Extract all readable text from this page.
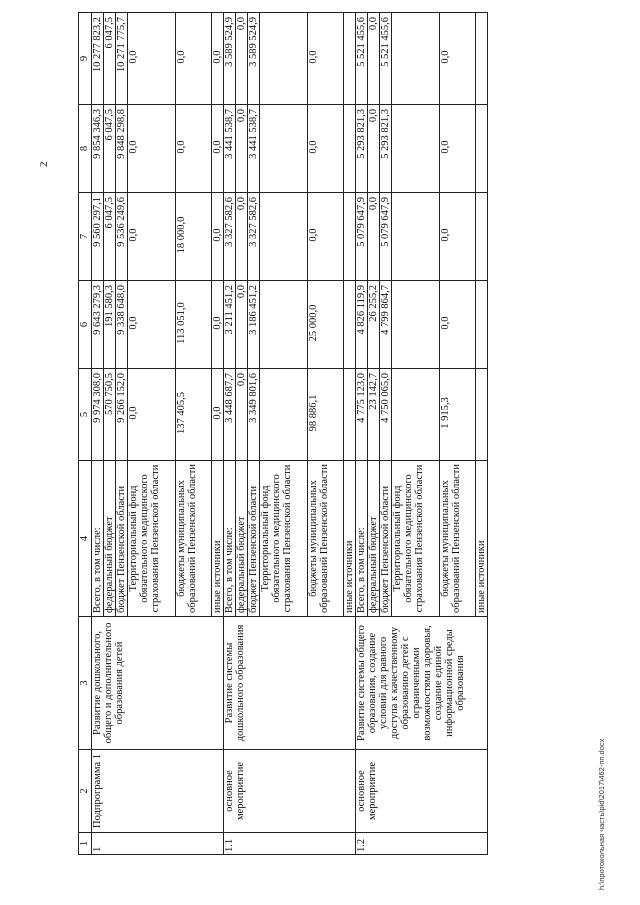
2
1	2	3	4	5	6	7	8	9
1	Подпрограмма 1	Развитие дошкольного, общего и дополнительного образования детей	Всего, в том числе:	9 974 308,0	9 643 279,3	9 560 297,1	9 854 346,3	10 277 823,2
			федеральный бюджет	570 750,5	191 580,3	6 047,5	6 047,5	6 047,5
			бюджет Пензенской области	9 266 152,0	9 338 648,0	9 536 249,6	9 848 298,8	10 271 775,7
			Территориальный фонд обязательного медицинского страхования Пензенской области	0,0	0,0	0,0	0,0	0,0
			бюджеты муниципальных образований Пензенской области	137 405,5	113 051,0	18 000,0	0,0	0,0
			иные источники	0,0	0,0	0,0	0,0	0,0
1.1	основное мероприятие	Развитие системы дошкольного образования	Всего, в том числе:	3 448 687,7	3 211 451,2	3 327 582,6	3 441 538,7	3 589 524,9
			федеральный бюджет	0,0	0,0	0,0	0,0	0,0
			бюджет Пензенской области	3 349 801,6	3 186 451,2	3 327 582,6	3 441 538,7	3 589 524,9
			Территориальный фонд обязательного медицинского страхования Пензенской области					
			бюджеты муниципальных образований Пензенской области	98 886,1	25 000,0	0,0	0,0	0,0
			иные источники					
1.2	основное мероприятие	Развитие системы общего образования, создание условий для равного доступа к качественному образованию детей с ограниченными возможностями здоровья, создание единой информационной среды образования	Всего, в том числе:	4 775 123,0	4 826 119,9	5 079 647,9	5 293 821,3	5 521 455,6
			федеральный бюджет	23 142,7	26 255,2	0,0	0,0	0,0
			бюджет Пензенской области	4 750 065,0	4 799 864,7	5 079 647,9	5 293 821,3	5 521 455,6
			Территориальный фонд обязательного медицинского страхования Пензенской области					
			бюджеты муниципальных образований Пензенской области	1 915,3	0,0	0,0	0,0	0,0
			иные источники					
h:\протокольная часть\pid\2017\462-пп.docx
